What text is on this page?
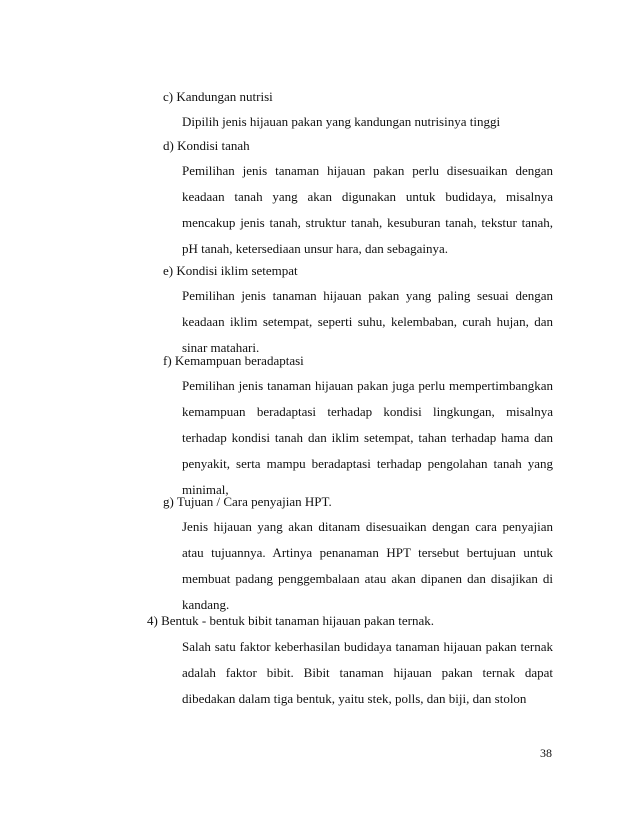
c) Kandungan nutrisi

Dipilih jenis hijauan pakan yang kandungan nutrisinya tinggi

d) Kondisi tanah

Pemilihan jenis tanaman hijauan pakan perlu disesuaikan dengan keadaan tanah yang akan digunakan untuk budidaya, misalnya mencakup jenis tanah, struktur tanah, kesuburan tanah, tekstur tanah, pH tanah, ketersediaan unsur hara, dan sebagainya.

e) Kondisi iklim setempat

Pemilihan jenis tanaman hijauan pakan yang paling sesuai dengan keadaan iklim setempat, seperti suhu, kelembaban, curah hujan, dan sinar matahari.

f) Kemampuan beradaptasi

Pemilihan jenis tanaman hijauan pakan juga perlu mempertimbangkan kemampuan beradaptasi terhadap kondisi lingkungan, misalnya terhadap kondisi tanah dan iklim setempat, tahan terhadap hama dan penyakit, serta mampu beradaptasi terhadap pengolahan tanah yang minimal,

g) Tujuan / Cara penyajian HPT.

Jenis hijauan yang akan ditanam disesuaikan dengan cara penyajian atau tujuannya. Artinya penanaman HPT tersebut bertujuan untuk membuat padang penggembalaan atau akan dipanen dan disajikan di kandang.

4) Bentuk - bentuk bibit tanaman hijauan pakan ternak.

Salah satu faktor keberhasilan budidaya tanaman hijauan pakan ternak adalah faktor bibit. Bibit tanaman hijauan pakan ternak dapat dibedakan dalam tiga bentuk, yaitu stek, polls, dan biji, dan stolon

38
